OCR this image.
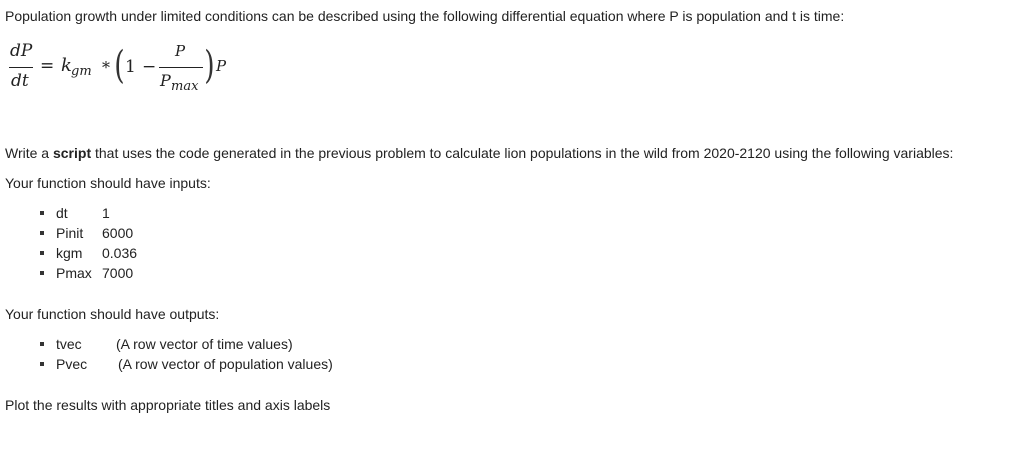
Population growth under limited conditions can be described using the following differential equation where P is population and t is time:
dP
dt
= k gm * ( 1 −
P
P max ) P
Write a script that uses the code generated in the previous problem to calculate lion populations in the wild from 2020-2120 using the following variables:
Your function should have inputs:
dt 1
Pinit 6000
kgm 0.036
Pmax 7000
Your function should have outputs:
tvec (A row vector of time values)
Pvec (A row vector of population values)
Plot the results with appropriate titles and axis labels
